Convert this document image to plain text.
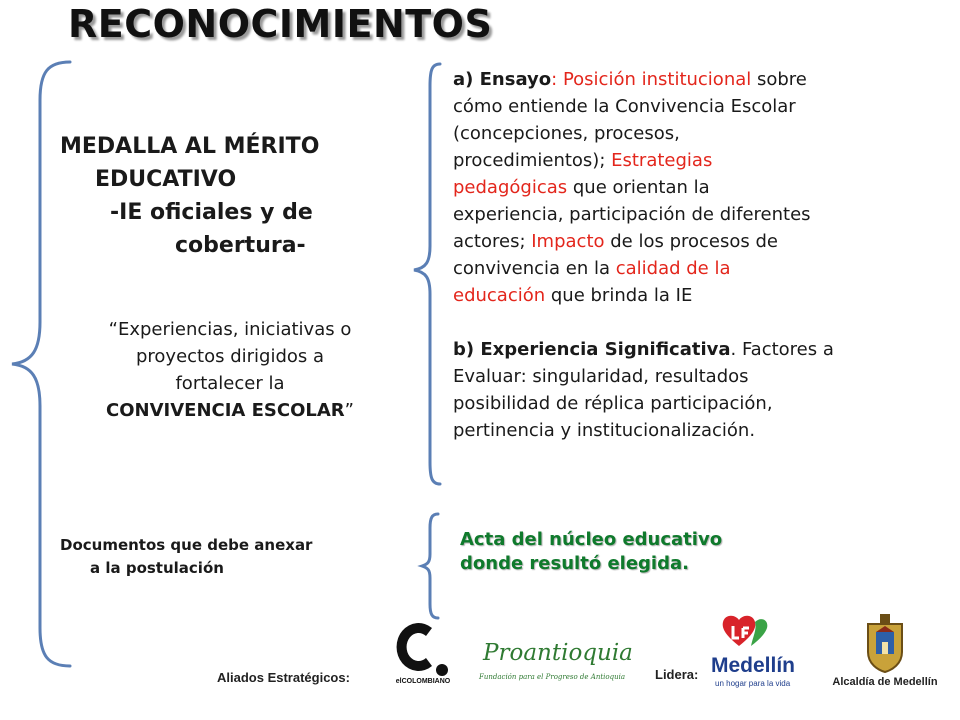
RECONOCIMIENTOS
MEDALLA AL MÉRITO
EDUCATIVO
-IE oficiales y de
cobertura-
“Experiencias, iniciativas o
proyectos dirigidos a
fortalecer la
CONVIVENCIA ESCOLAR”
Documentos que debe anexar
a la postulación
a) Ensayo: Posición institucional sobre
cómo entiende la Convivencia Escolar
(concepciones, procesos,
procedimientos); Estrategias
pedagógicas que orientan la
experiencia, participación de diferentes
actores; Impacto de los procesos de
convivencia en la calidad de la
educación que brinda la IE
b) Experiencia Significativa. Factores a
Evaluar: singularidad, resultados
posibilidad de réplica participación,
pertinencia y institucionalización.
Acta del núcleo educativo
donde resultó elegida.
Aliados Estratégicos:	elCOLOMBIANO
Proantioquia
Fundación para el Progreso de Antioquia Lidera: Medellín
un hogar para la vida	Alcaldía de Medellín
